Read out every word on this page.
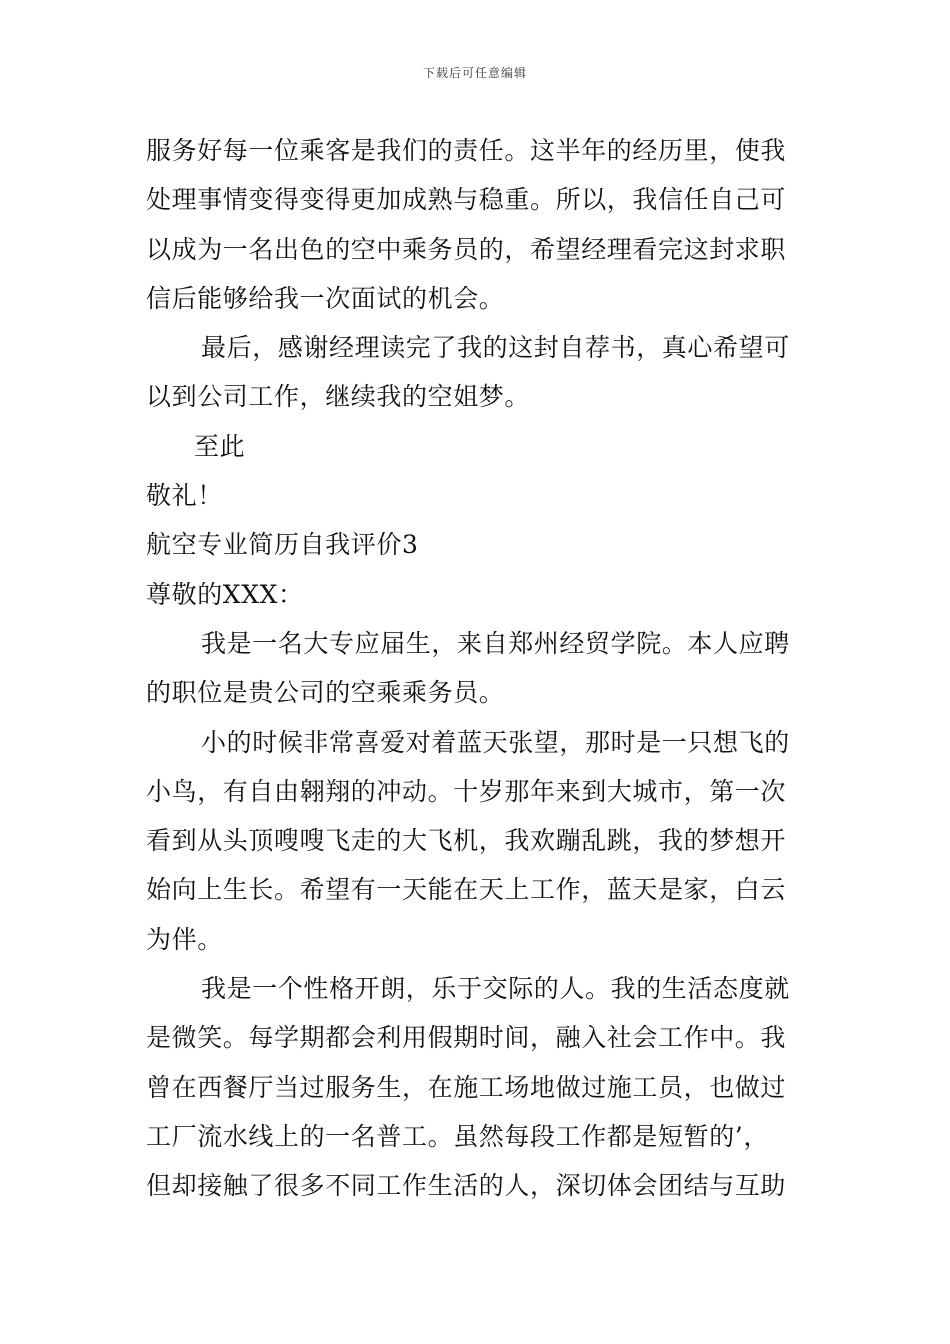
下载后可任意编辑
服务好每一位乘客是我们的责任。这半年的经历里，使我
处理事情变得变得更加成熟与稳重。所以，我信任自己可
以成为一名出色的空中乘务员的，希望经理看完这封求职
信后能够给我一次面试的机会。
最后，感谢经理读完了我的这封自荐书，真心希望可
以到公司工作，继续我的空姐梦。
至此
敬礼！
航空专业简历自我评价3
尊敬的XXX：
我是一名大专应届生，来自郑州经贸学院。本人应聘
的职位是贵公司的空乘乘务员。
小的时候非常喜爱对着蓝天张望，那时是一只想飞的
小鸟，有自由翱翔的冲动。十岁那年来到大城市，第一次
看到从头顶嗖嗖飞走的大飞机，我欢蹦乱跳，我的梦想开
始向上生长。希望有一天能在天上工作，蓝天是家，白云
为伴。
我是一个性格开朗，乐于交际的人。我的生活态度就
是微笑。每学期都会利用假期时间，融入社会工作中。我
曾在西餐厅当过服务生，在施工场地做过施工员，也做过
工厂流水线上的一名普工。虽然每段工作都是短暂的’，
但却接触了很多不同工作生活的人，深切体会团结与互助
